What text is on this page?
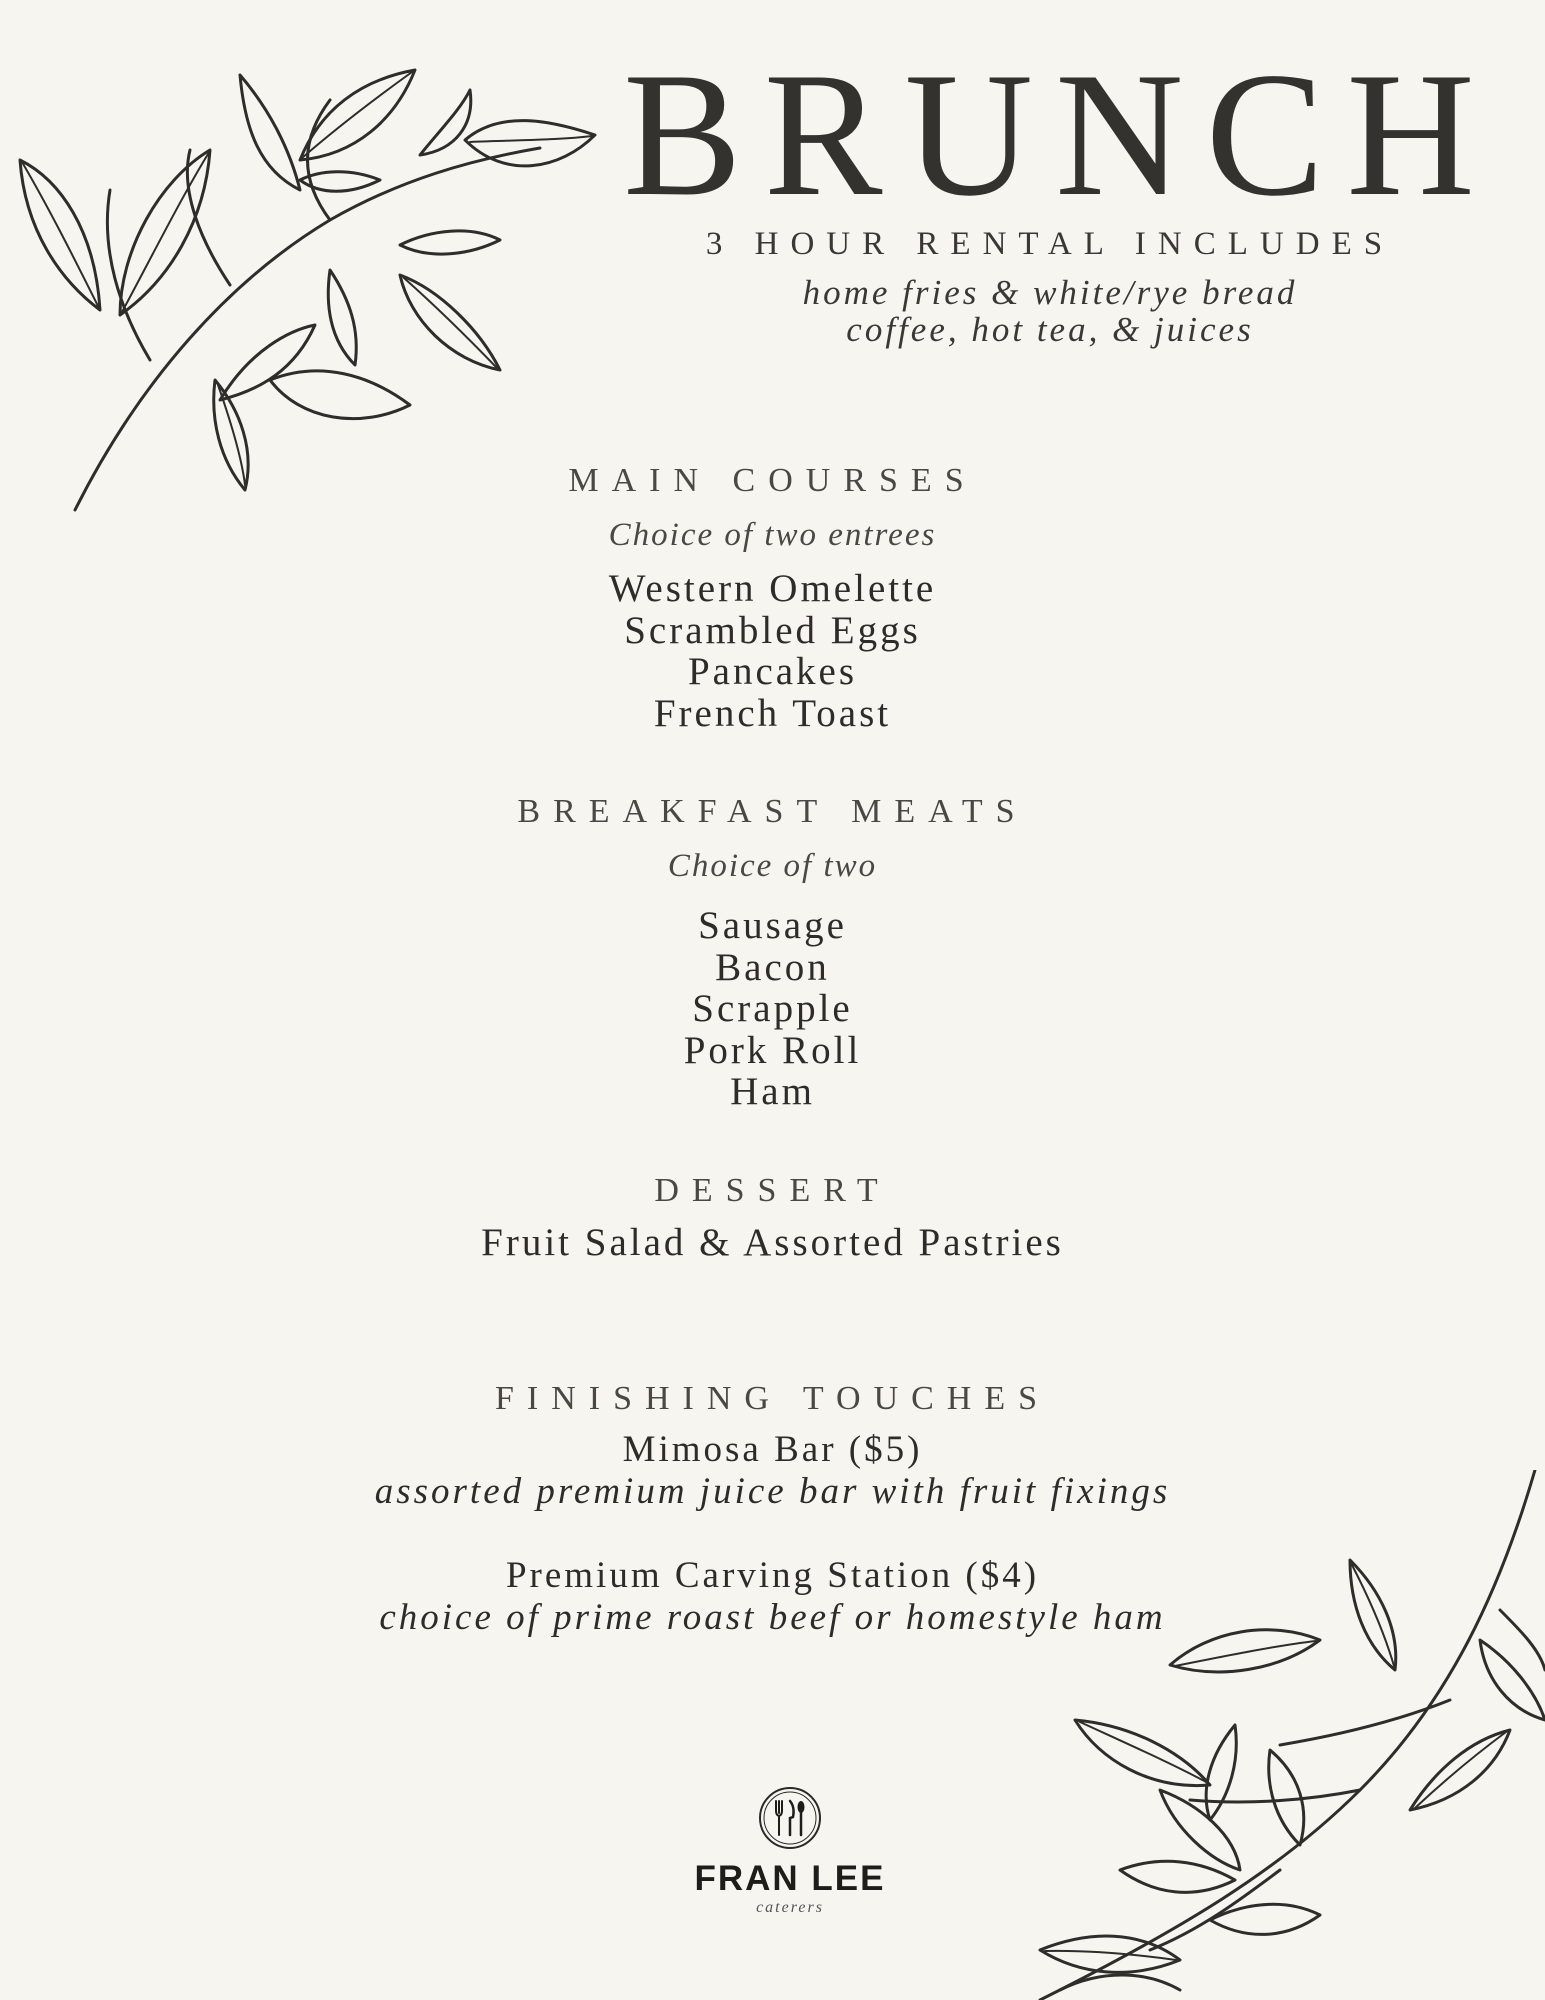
BRUNCH
3 HOUR RENTAL INCLUDES
home fries & white/rye bread
coffee, hot tea, & juices
MAIN COURSES
Choice of two entrees
Western Omelette
Scrambled Eggs
Pancakes
French Toast
BREAKFAST MEATS
Choice of two
Sausage
Bacon
Scrapple
Pork Roll
Ham
DESSERT
Fruit Salad & Assorted Pastries
FINISHING TOUCHES
Mimosa Bar ($5)
assorted premium juice bar with fruit fixings
Premium Carving Station ($4)
choice of prime roast beef or homestyle ham
FRAN LEE
caterers
